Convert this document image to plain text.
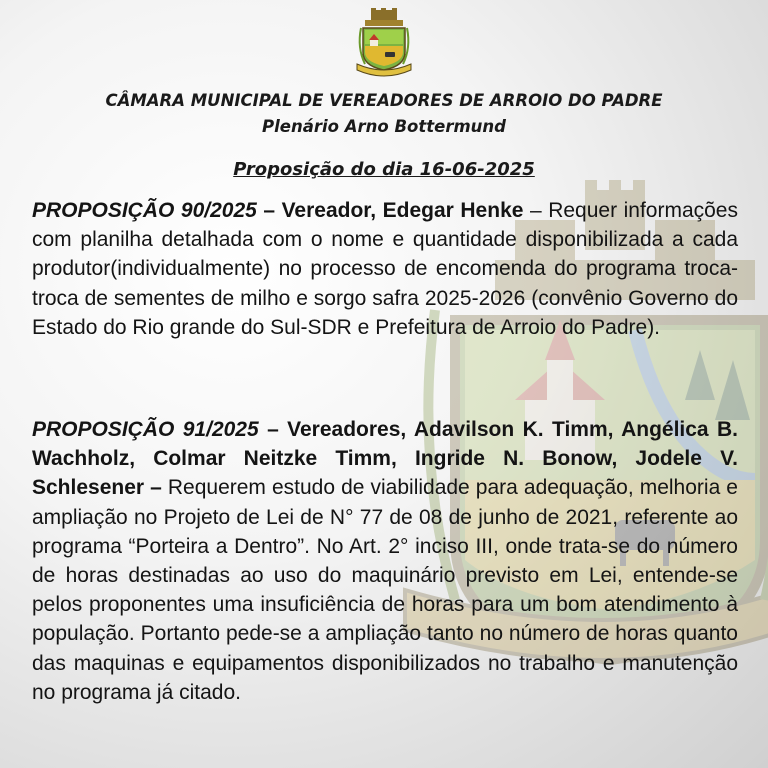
CÂMARA MUNICIPAL DE VEREADORES DE ARROIO DO PADRE
Plenário Arno Bottermund
Proposição do dia 16-06-2025
PROPOSIÇÃO 90/2025 – Vereador, Edegar Henke – Requer informações com planilha detalhada com o nome e quantidade disponibilizada a cada produtor(individualmente) no processo de encomenda do programa troca-troca de sementes de milho e sorgo safra 2025-2026 (convênio Governo do Estado do Rio grande do Sul-SDR e Prefeitura de Arroio do Padre).
PROPOSIÇÃO 91/2025 – Vereadores, Adavilson K. Timm, Angélica B. Wachholz, Colmar Neitzke Timm, Ingride N. Bonow, Jodele V. Schlesener – Requerem estudo de viabilidade para adequação, melhoria e ampliação no Projeto de Lei de N° 77 de 08 de junho de 2021, referente ao programa “Porteira a Dentro”. No Art. 2° inciso III, onde trata-se do número de horas destinadas ao uso do maquinário previsto em Lei, entende-se pelos proponentes uma insuficiência de horas para um bom atendimento à população. Portanto pede-se a ampliação tanto no número de horas quanto das maquinas e equipamentos disponibilizados no trabalho e manutenção no programa já citado.
